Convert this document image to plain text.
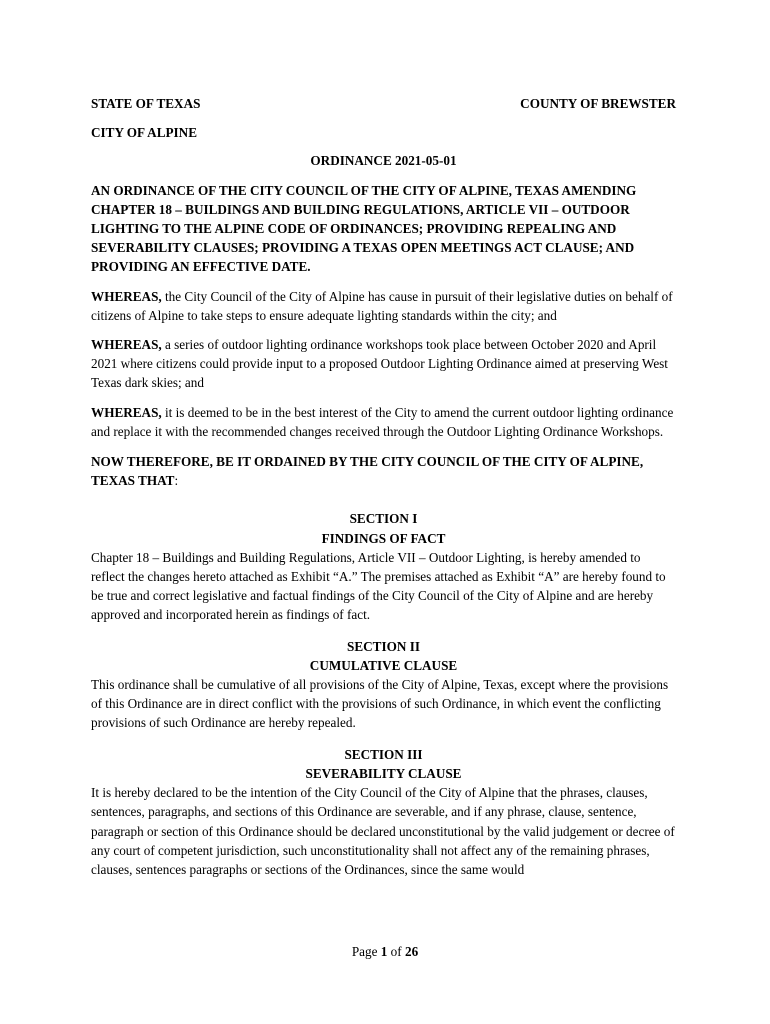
STATE OF TEXAS	COUNTY OF BREWSTER

CITY OF ALPINE

ORDINANCE 2021-05-01

AN ORDINANCE OF THE CITY COUNCIL OF THE CITY OF ALPINE, TEXAS AMENDING CHAPTER 18 – BUILDINGS AND BUILDING REGULATIONS, ARTICLE VII – OUTDOOR LIGHTING TO THE ALPINE CODE OF ORDINANCES; PROVIDING REPEALING AND SEVERABILITY CLAUSES; PROVIDING A TEXAS OPEN MEETINGS ACT CLAUSE; AND PROVIDING AN EFFECTIVE DATE.

WHEREAS, the City Council of the City of Alpine has cause in pursuit of their legislative duties on behalf of citizens of Alpine to take steps to ensure adequate lighting standards within the city; and

WHEREAS, a series of outdoor lighting ordinance workshops took place between October 2020 and April 2021 where citizens could provide input to a proposed Outdoor Lighting Ordinance aimed at preserving West Texas dark skies; and

WHEREAS, it is deemed to be in the best interest of the City to amend the current outdoor lighting ordinance and replace it with the recommended changes received through the Outdoor Lighting Ordinance Workshops.

NOW THEREFORE, BE IT ORDAINED BY THE CITY COUNCIL OF THE CITY OF ALPINE, TEXAS THAT:

SECTION I

FINDINGS OF FACT

Chapter 18 – Buildings and Building Regulations, Article VII – Outdoor Lighting, is hereby amended to reflect the changes hereto attached as Exhibit “A.” The premises attached as Exhibit “A” are hereby found to be true and correct legislative and factual findings of the City Council of the City of Alpine and are hereby approved and incorporated herein as findings of fact.

SECTION II

CUMULATIVE CLAUSE

This ordinance shall be cumulative of all provisions of the City of Alpine, Texas, except where the provisions of this Ordinance are in direct conflict with the provisions of such Ordinance, in which event the conflicting provisions of such Ordinance are hereby repealed.

SECTION III

SEVERABILITY CLAUSE

It is hereby declared to be the intention of the City Council of the City of Alpine that the phrases, clauses, sentences, paragraphs, and sections of this Ordinance are severable, and if any phrase, clause, sentence, paragraph or section of this Ordinance should be declared unconstitutional by the valid judgement or decree of any court of competent jurisdiction, such unconstitutionality shall not affect any of the remaining phrases, clauses, sentences paragraphs or sections of the Ordinances, since the same would

Page 1 of 26
